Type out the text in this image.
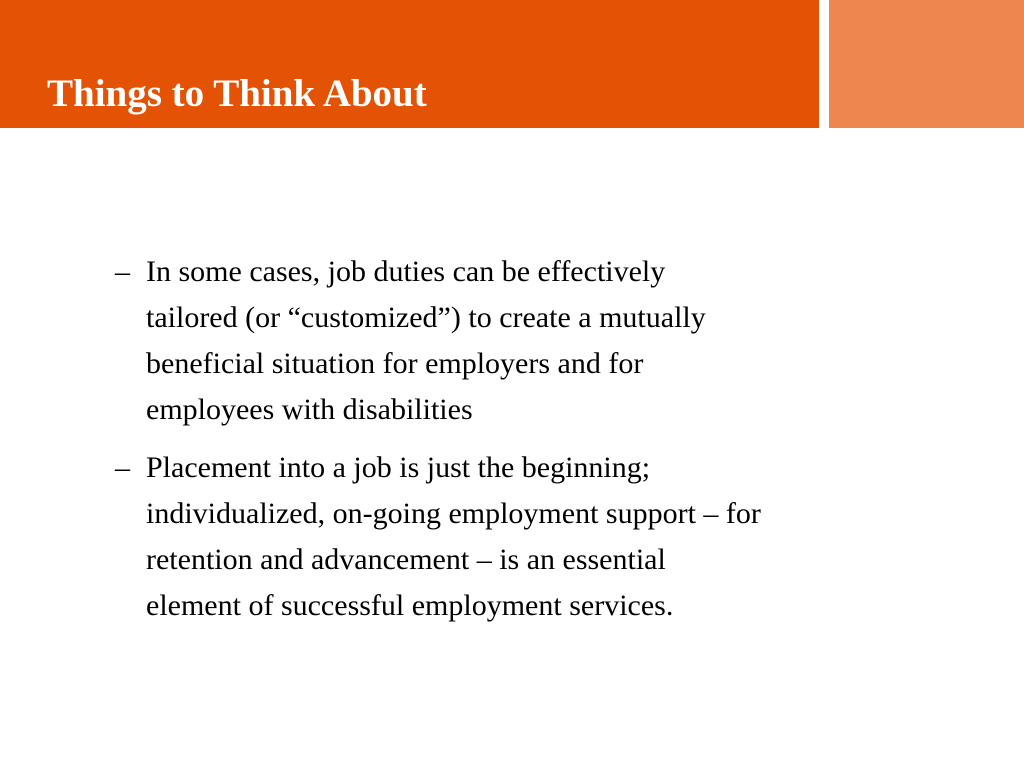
Things to Think About
– In some cases, job duties can be effectively
tailored (or “customized”) to create a mutually
beneficial situation for employers and for
employees with disabilities
– Placement into a job is just the beginning;
individualized, on-going employment support – for
retention and advancement – is an essential
element of successful employment services.
